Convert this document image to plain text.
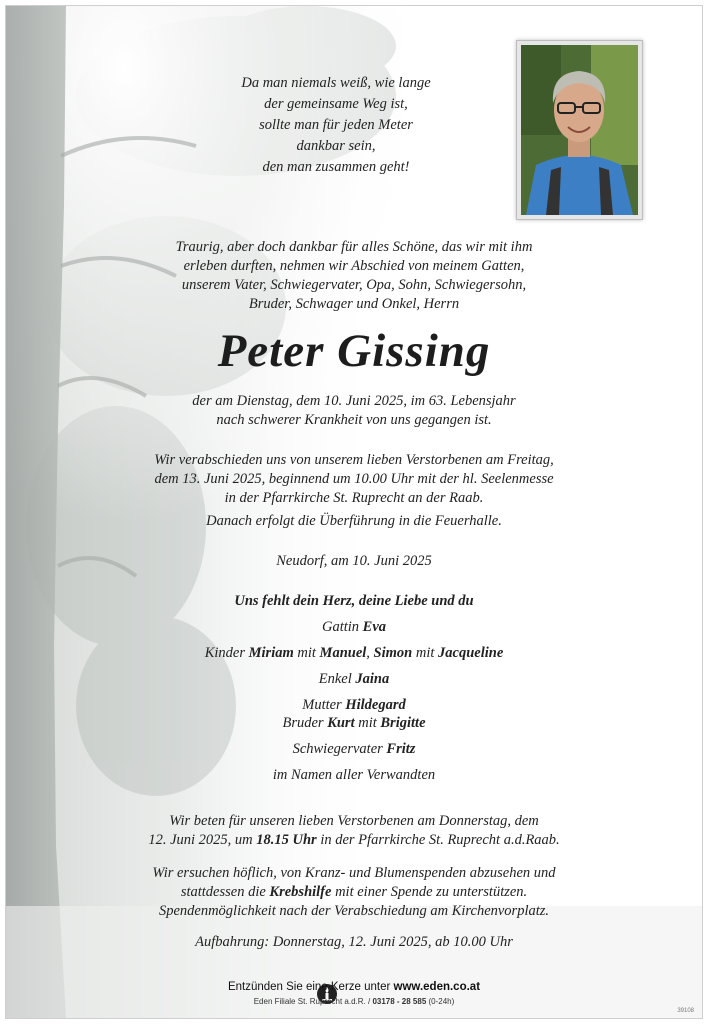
Da man niemals weiß, wie lange
der gemeinsame Weg ist,
sollte man für jeden Meter
dankbar sein,
den man zusammen geht!

Traurig, aber doch dankbar für alles Schöne, das wir mit ihm

erleben durften, nehmen wir Abschied von meinem Gatten,

unserem Vater, Schwiegervater, Opa, Sohn, Schwiegersohn,

Bruder, Schwager und Onkel, Herrn

Peter Gissing

der am Dienstag, dem 10. Juni 2025, im 63. Lebensjahr

nach schwerer Krankheit von uns gegangen ist.

Wir verabschieden uns von unserem lieben Verstorbenen am Freitag,

dem 13. Juni 2025, beginnend um 10.00 Uhr mit der hl. Seelenmesse

in der Pfarrkirche St. Ruprecht an der Raab.

Danach erfolgt die Überführung in die Feuerhalle.

Neudorf, am 10. Juni 2025

Uns fehlt dein Herz, deine Liebe und du

Gattin Eva

Kinder Miriam mit Manuel, Simon mit Jacqueline

Enkel Jaina

Mutter Hildegard

Bruder Kurt mit Brigitte

Schwiegervater Fritz

im Namen aller Verwandten

Wir beten für unseren lieben Verstorbenen am Donnerstag, dem

12. Juni 2025, um 18.15 Uhr in der Pfarrkirche St. Ruprecht a.d.Raab.

Wir ersuchen höflich, von Kranz- und Blumenspenden abzusehen und

stattdessen die Krebshilfe mit einer Spende zu unterstützen.

Spendenmöglichkeit nach der Verabschiedung am Kirchenvorplatz.

Aufbahrung: Donnerstag, 12. Juni 2025, ab 10.00 Uhr

Entzünden Sie eine Kerze unter www.eden.co.at
Eden Filiale St. Ruprecht a.d.R. / 03178 - 28 585 (0-24h)
39108
